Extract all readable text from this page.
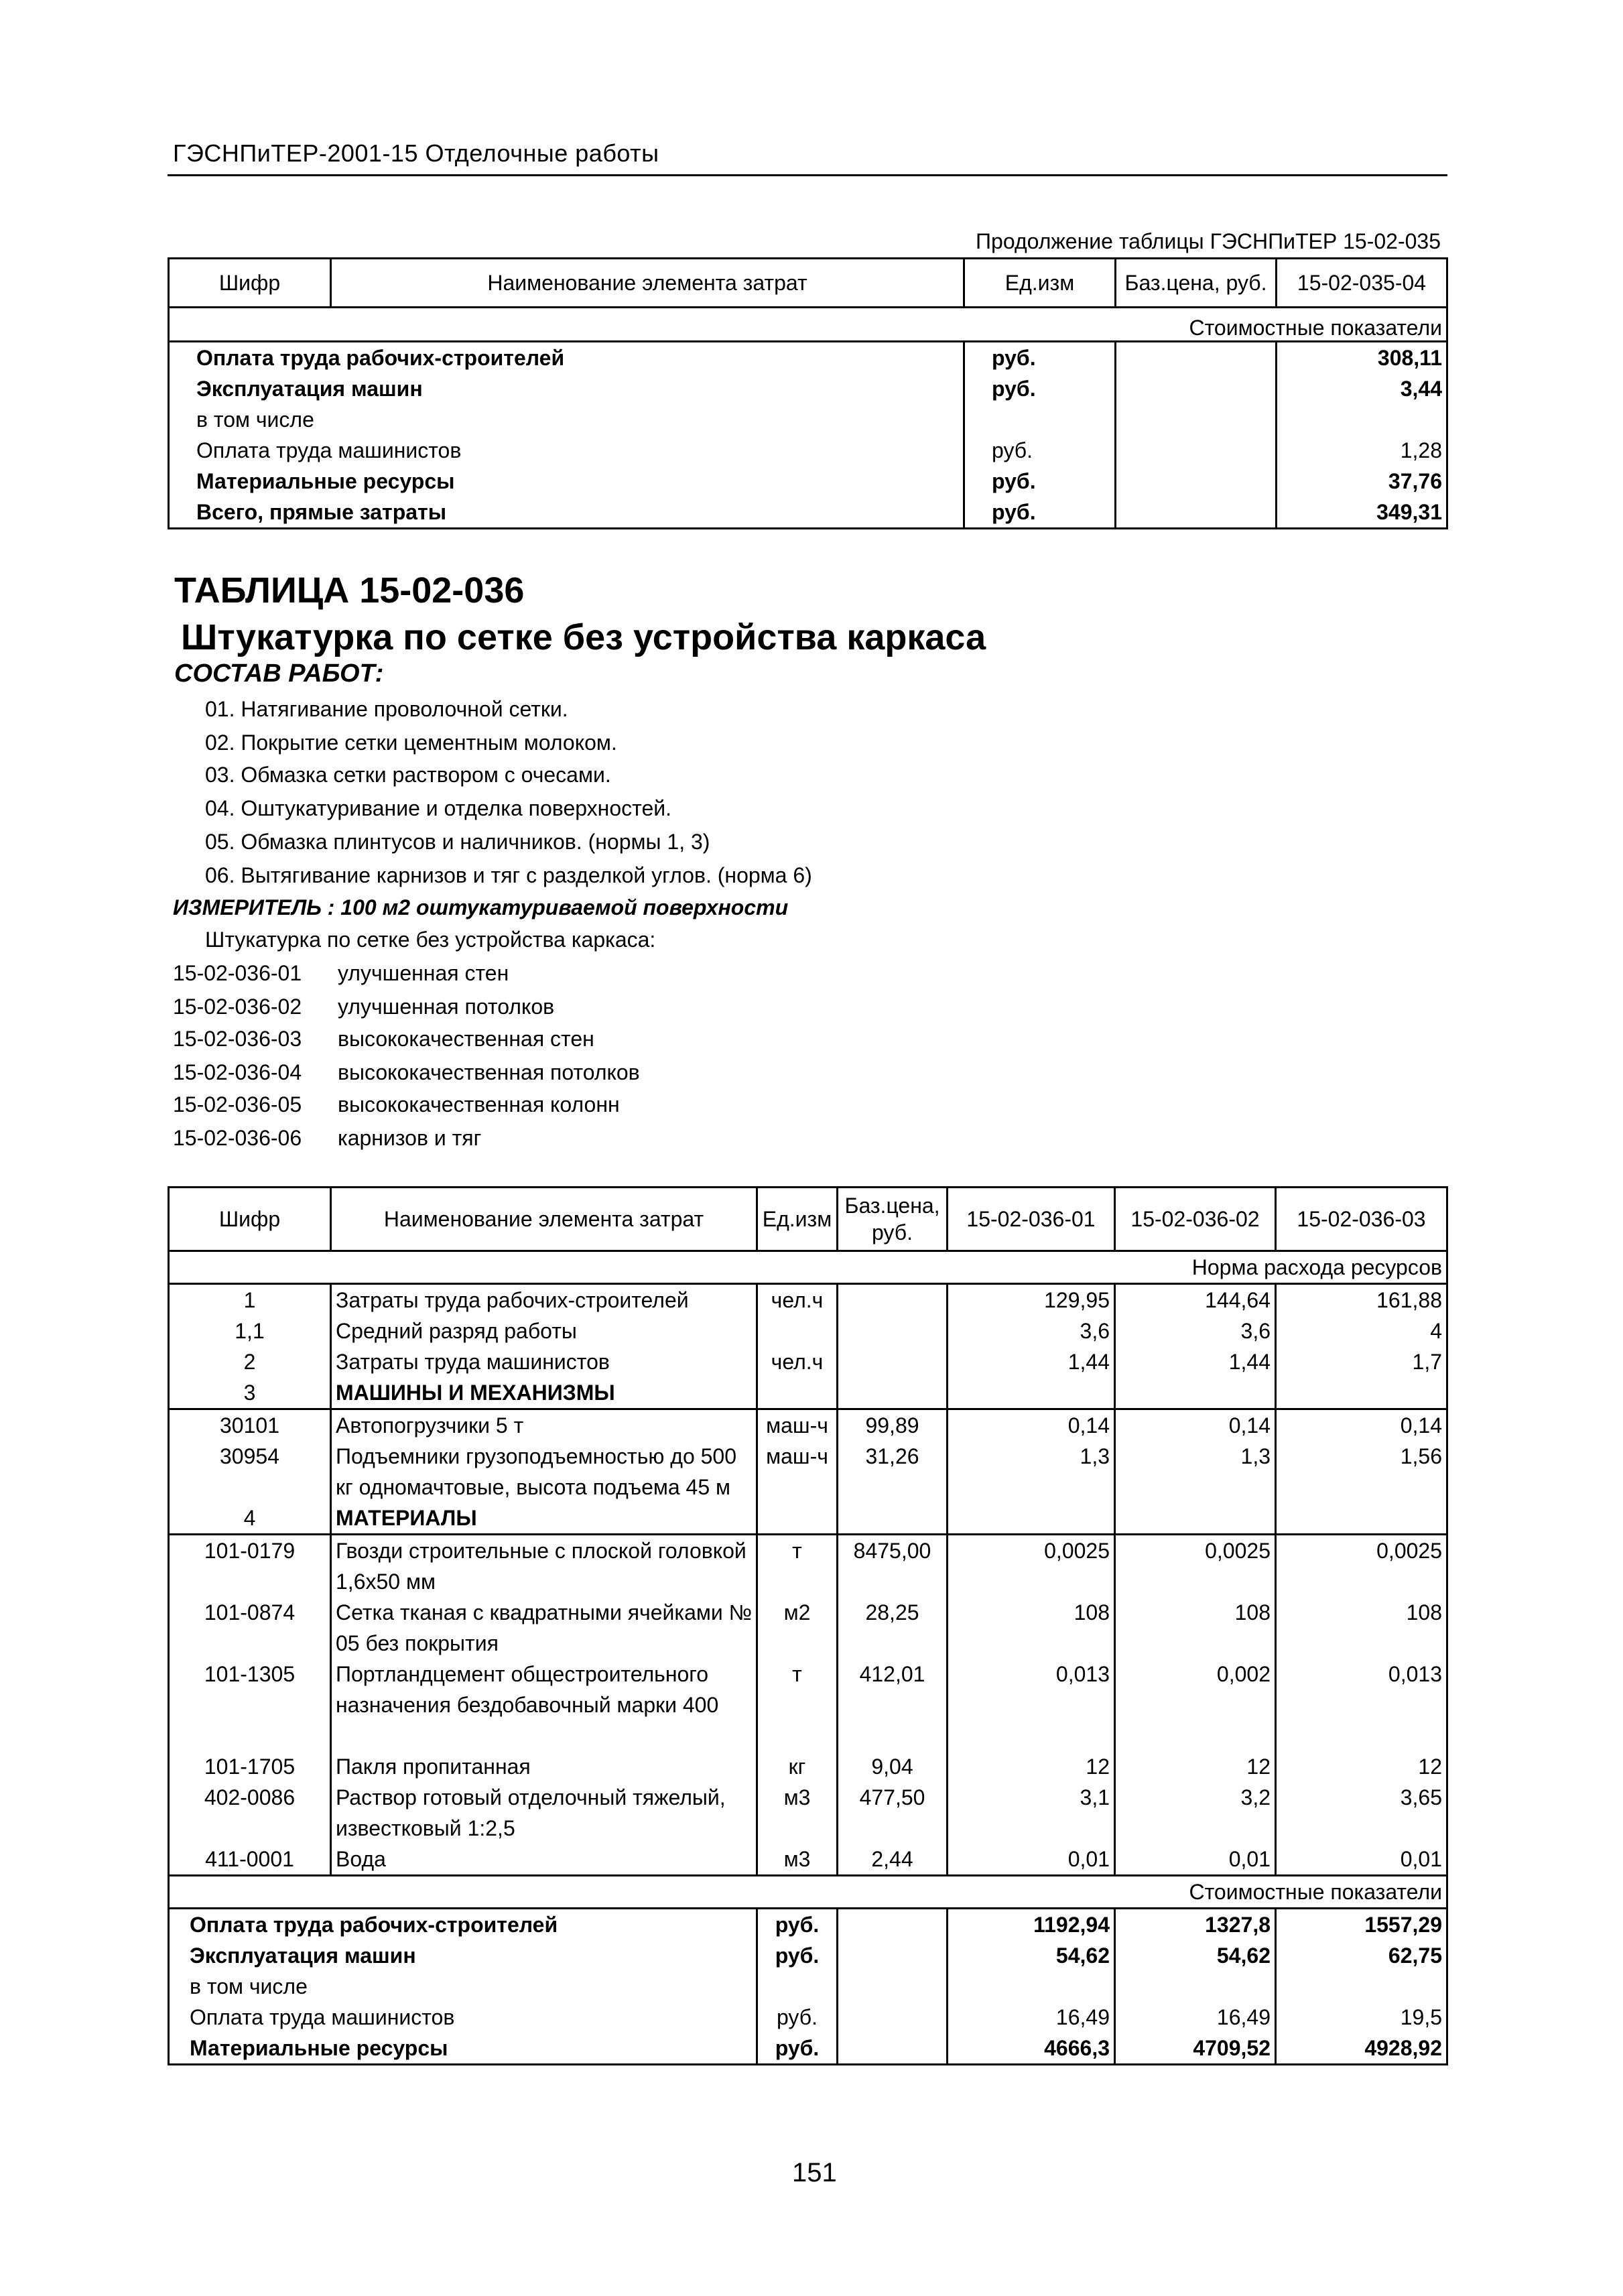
ГЭСНПиТЕР-2001-15 Отделочные работы
Продолжение таблицы ГЭСНПиТЕР 15-02-035
Шифр	Наименование элемента затрат	Ед.изм	Баз.цена, руб.	15-02-035-04
Стоимостные показатели				
Оплата труда рабочих-строителей		руб.		308,11
Эксплуатация машин		руб.		3,44
в том числе				
Оплата труда машинистов		руб.		1,28
Материальные ресурсы		руб.		37,76
Всего, прямые затраты		руб.		349,31
ТАБЛИЦА 15-02-036
Штукатурка по сетке без устройства каркаса
СОСТАВ РАБОТ:
01. Натягивание проволочной сетки.
02. Покрытие сетки цементным молоком.
03. Обмазка сетки раствором с очесами.
04. Оштукатуривание и отделка поверхностей.
05. Обмазка плинтусов и наличников. (нормы 1, 3)
06. Вытягивание карнизов и тяг с разделкой углов. (норма 6)
ИЗМЕРИТЕЛЬ : 100 м2 оштукатуриваемой поверхности
Штукатурка по сетке без устройства каркаса:
15-02-036-01 улучшенная стен
15-02-036-02 улучшенная потолков
15-02-036-03 высококачественная стен
15-02-036-04 высококачественная потолков
15-02-036-05 высококачественная колонн
15-02-036-06 карнизов и тяг
Шифр	Наименование элемента затрат	Ед.изм	Баз.цена, руб.	15-02-036-01	15-02-036-02	15-02-036-03
Норма расхода ресурсов						
1	Затраты труда рабочих-строителей	чел.ч		129,95	144,64	161,88
1,1	Средний разряд работы			3,6	3,6	4
2	Затраты труда машинистов	чел.ч		1,44	1,44	1,7
3	МАШИНЫ И МЕХАНИЗМЫ					

30101	Автопогрузчики 5 т	маш-ч	99,89	0,14	0,14	0,14
30954	Подъемники грузоподъемностью до 500
кг одномачтовые, высота подъема 45 м	маш-ч	31,26	1,3	1,3	1,56
4	МАТЕРИАЛЫ					

101-0179	Гвозди строительные с плоской головкой
1,6х50 мм	т	8475,00	0,0025	0,0025	0,0025
101-0874	Сетка тканая с квадратными ячейками №
05 без покрытия	м2	28,25	108	108	108
101-1305	Портландцемент общестроительного
назначения бездобавочный марки 400	т	412,01	0,013	0,002	0,013
101-1705	Пакля пропитанная	кг	9,04	12	12	12
402-0086	Раствор готовый отделочный тяжелый,
известковый 1:2,5	м3	477,50	3,1	3,2	3,65
411-0001	Вода	м3	2,44	0,01	0,01	0,01
Стоимостные показатели						
Оплата труда рабочих-строителей		руб.		1192,94	1327,8	1557,29
Эксплуатация машин		руб.		54,62	54,62	62,75
в том числе						
Оплата труда машинистов		руб.		16,49	16,49	19,5
Материальные ресурсы		руб.		4666,3	4709,52	4928,92
151
